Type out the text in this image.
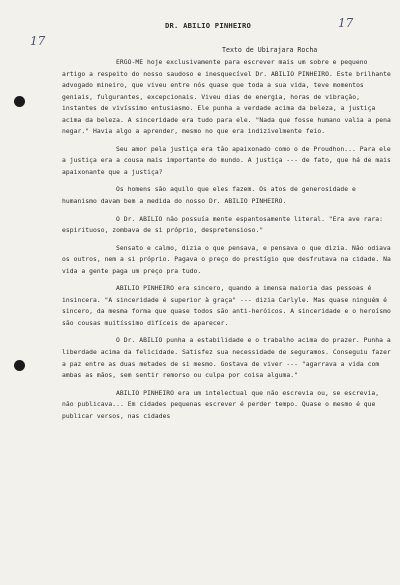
17
17
DR. ABILIO PINHEIRO
Texto de Ubirajara Rocha

ERGO-ME hoje exclusivamente para escrever mais um sobre e pequeno artigo a respeito do nosso saudoso e inesquecível Dr. ABILIO PINHEIRO. Este brilhante advogado mineiro, que viveu entre nós quase que toda a sua vida, teve momentos geniais, fulgurantes, excepcionais. Viveu dias de energia, horas de vibração, instantes de vivíssimo entusiasmo. Ele punha a verdade acima da beleza, a justiça acima da beleza. A sinceridade era tudo para ele. "Nada que fosse humano valia a pena negar." Havia algo a aprender, mesmo no que era indizivelmente feio.

Seu amor pela justiça era tão apaixonado como o de Proudhon... Para ele a justiça era a cousa mais importante do mundo. A justiça --- de fato, que há de mais apaixonante que a justiça?

Os homens são aquilo que eles fazem. Os atos de generosidade e humanismo davam bem a medida do nosso Dr. ABILIO PINHEIRO.

O Dr. ABILIO não possuía mente espantosamente literal. "Era ave rara: espirituoso, zombava de si próprio, despretensioso."

Sensato e calmo, dizia o que pensava, e pensava o que dizia. Não odiava os outros, nem a si próprio. Pagava o preço do prestígio que desfrutava na cidade. Na vida a gente paga um preço pra tudo.

ABILIO PINHEIRO era sincero, quando a imensa maioria das pessoas é insincera. "A sinceridade é superior à graça" --- dizia Carlyle. Mas quase ninguém é sincero, da mesma forma que quase todos são anti-heróicos. A sinceridade e o heroísmo são cousas muitíssimo difíceis de aparecer.

O Dr. ABILIO punha a estabilidade e o trabalho acima do prazer. Punha a liberdade acima da felicidade. Satisfez sua necessidade de seguramos. Conseguiu fazer a paz entre as duas metades de si mesmo. Gostava de viver --- "agarrava a vida com ambas as mãos, sem sentir remorso ou culpa por coisa alguma."

ABILIO PINHEIRO era um intelectual que não escrevia ou, se escrevia, não publicava... Em cidades pequenas escrever é perder tempo. Quase o mesmo é que publicar versos, nas cidades
